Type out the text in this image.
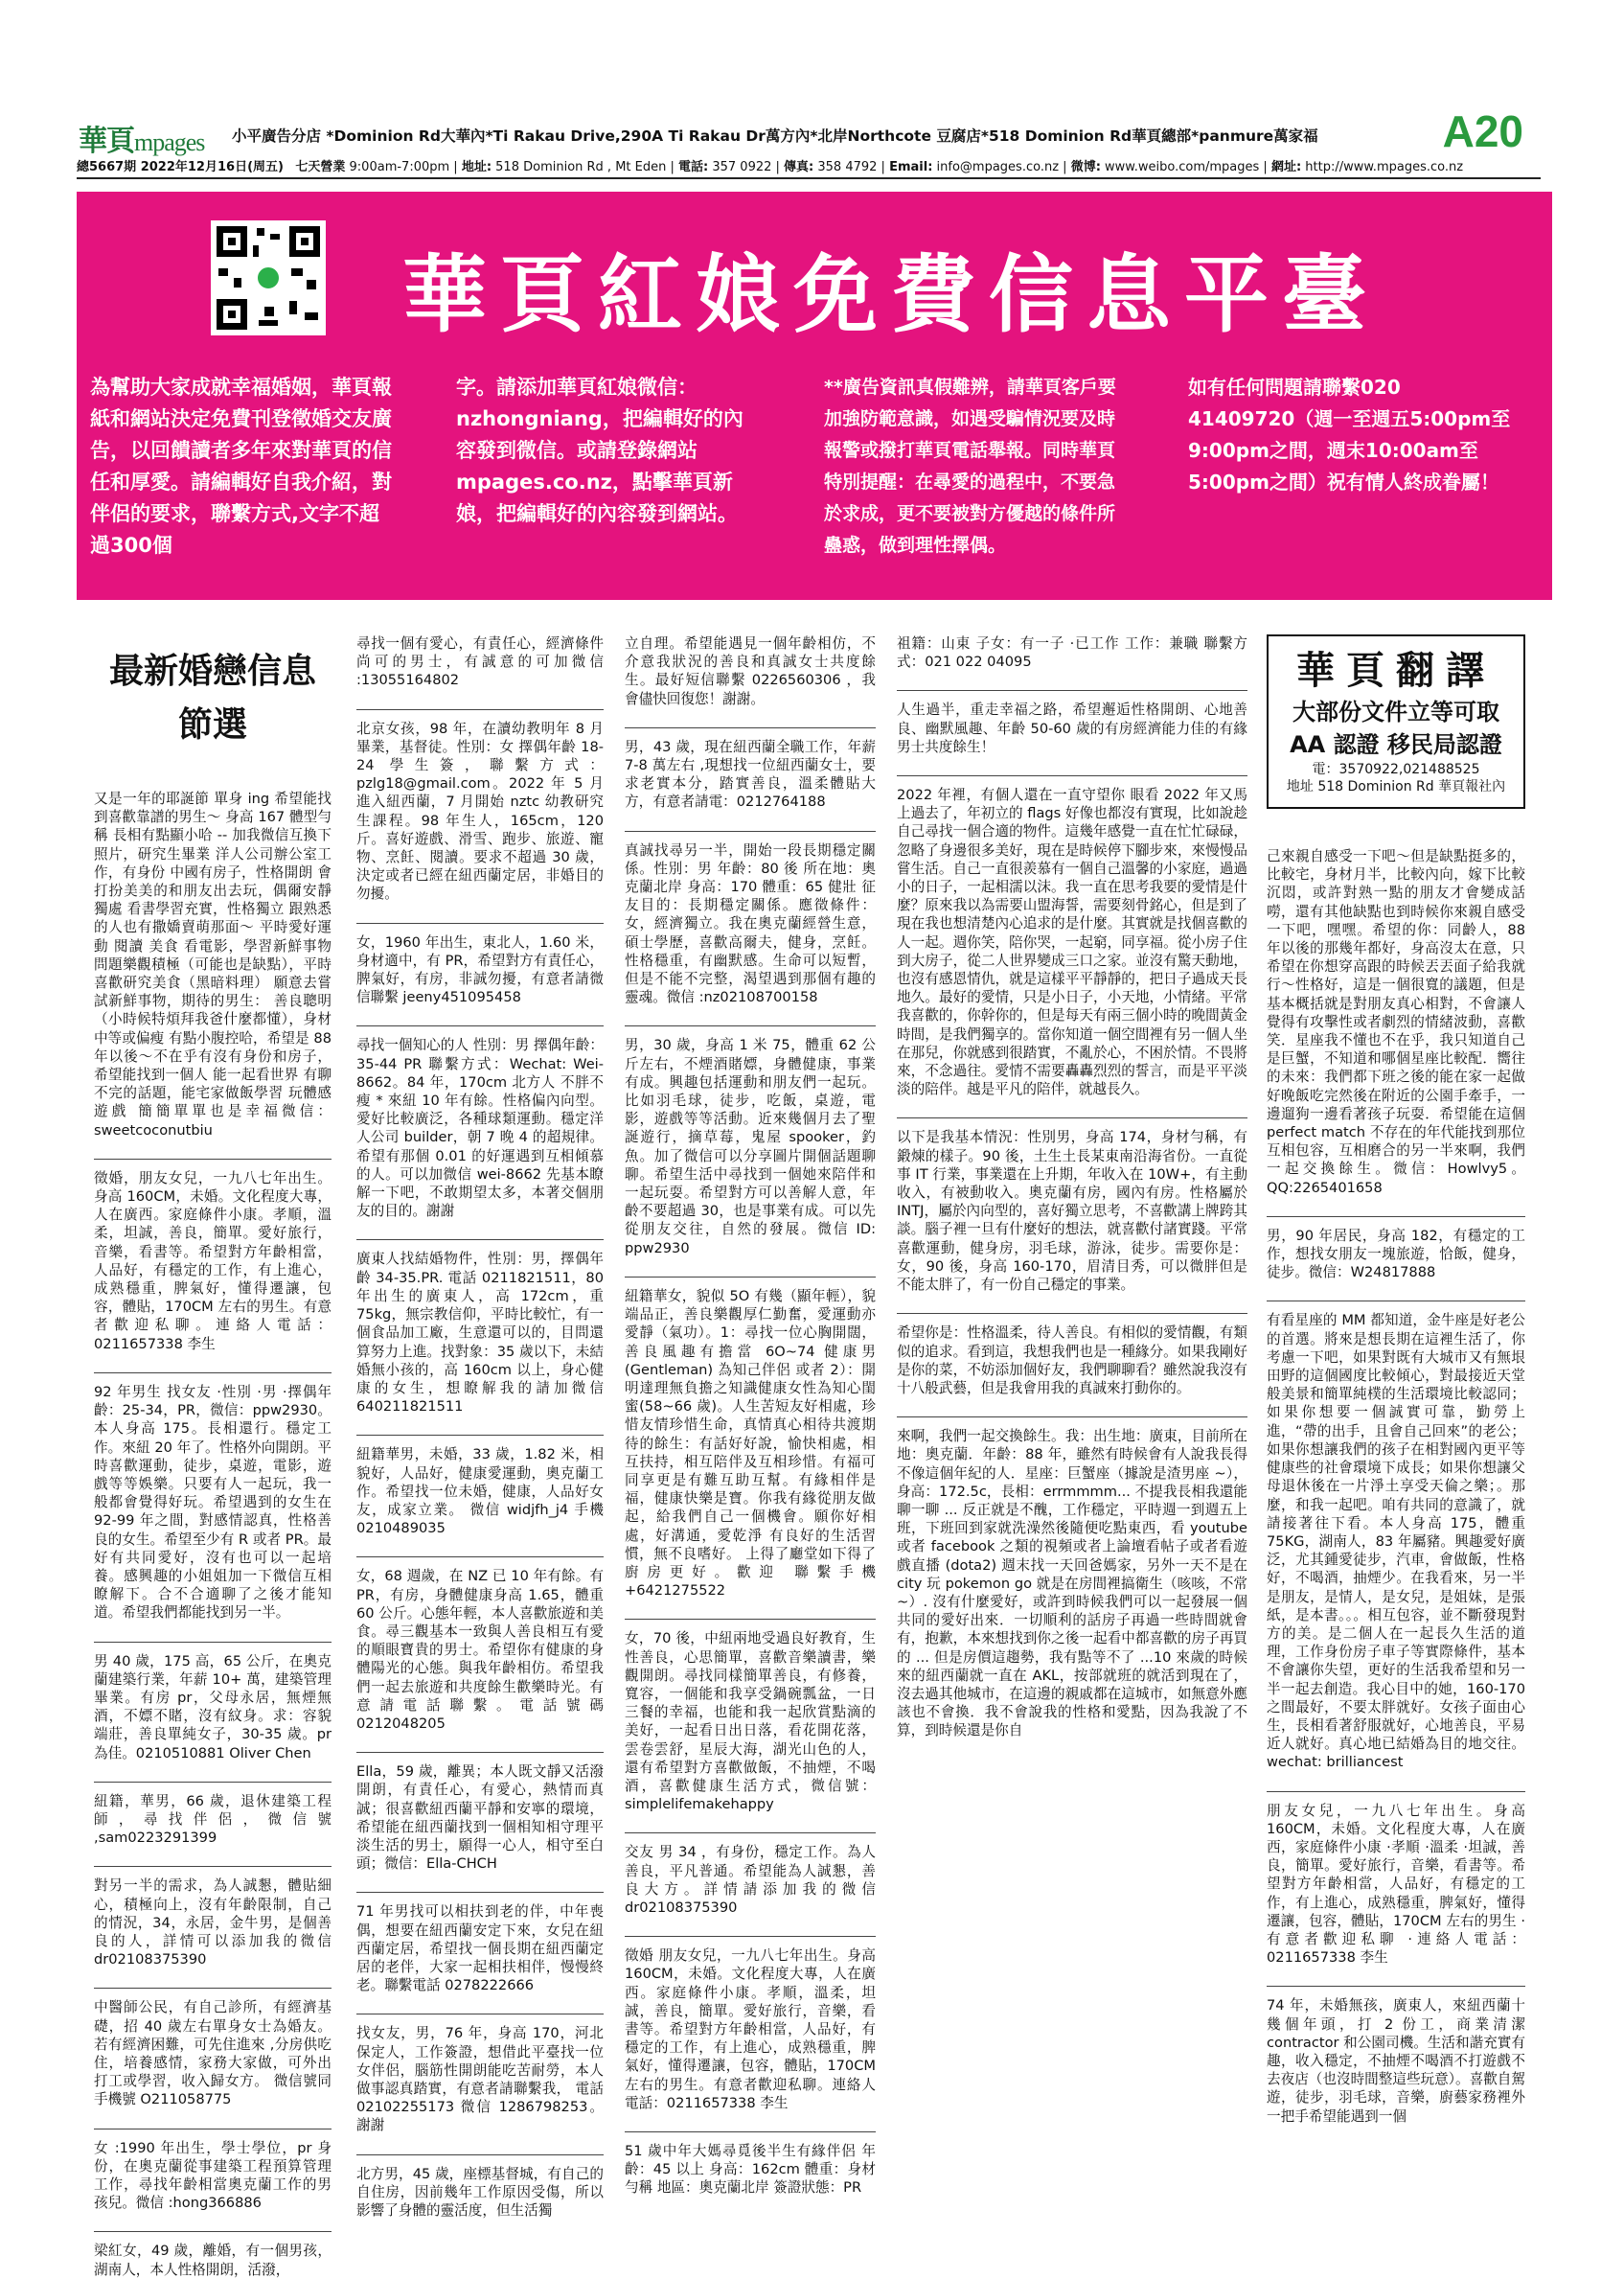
華頁mpages 小平廣告分店 *Dominion Rd大華內*Ti Rakau Drive,290A Ti Rakau Dr萬方內*北岸Northcote 豆腐店*518 Dominion Rd華頁總部*panmure萬家福	A20
總5667期 2022年12月16日(周五) 七天營業 9:00am-7:00pm | 地址: 518 Dominion Rd , Mt Eden | 電話: 357 0922 | 傳真: 358 4792 | Email: info@mpages.co.nz | 微博: www.weibo.com/mpages | 網址: http://www.mpages.co.nz
華頁紅娘免費信息平臺
為幫助大家成就幸福婚姻，華頁報紙和網站決定免費刊登徵婚交友廣告，以回饋讀者多年來對華頁的信任和厚愛。請編輯好自我介紹，對伴侶的要求，聯繫方式,文字不超過300個
字。請添加華頁紅娘微信：nzhongniang，把編輯好的內容發到微信。或請登錄網站mpages.co.nz，點擊華頁新娘，把編輯好的內容發到網站。
**廣告資訊真假難辨，請華頁客戶要加強防範意識，如遇受騙情況要及時報警或撥打華頁電話舉報。同時華頁特別提醒：在尋愛的過程中，不要急於求成，更不要被對方優越的條件所蠱惑，做到理性擇偶。
如有任何問題請聯繫020 41409720（週一至週五5:00pm至9:00pm之間，週末10:00am至5:00pm之間）祝有情人終成眷屬！
最新婚戀信息節選

又是一年的耶誕節 單身 ing 希望能找到喜歡靠譜的男生～ 身高 167 體型勻稱 長相有點顯小哈 -- 加我微信互換下照片，研究生畢業 洋人公司辦公室工作，有身份 中國有房子，性格開朗 會打扮美美的和朋友出去玩，偶爾安靜獨處 看書學習充實，性格獨立 跟熟悉的人也有撒嬌賣萌那面～ 平時愛好運動 閱讀 美食 看電影，學習新鮮事物 問題樂觀積極（可能也是缺點），平時喜歡研究美食（黑暗料理） 願意去嘗試新鮮事物，期待的男生： 善良聰明（小時候特煩拜我爸什麼都懂），身材中等或偏瘦 有點小腹控哈，希望是 88 年以後～不在乎有沒有身份和房子，希望能找到一個人 能一起看世界 有聊不完的話題，能宅家做飯學習 玩體感遊戲 簡簡單單也是幸福微信：sweetcoconutbiu

徵婚，朋友女兒，一九八七年出生。身高 160CM，未婚。文化程度大專，人在廣西。家庭條件小康。孝順，溫柔，坦誠，善良，簡單。愛好旅行，音樂，看書等。希望對方年齡相當，人品好，有穩定的工作，有上進心，成熟穩重，脾氣好，懂得遷讓，包容，體貼，170CM 左右的男生。有意者歡迎私聊。連絡人電話：0211657338 李生

92 年男生 找女友 ·性別 ·男 ·擇偶年齡：25-34，PR，微信：ppw2930。本人身高 175。長相還行。穩定工作。來紐 20 年了。性格外向開朗。平時喜歡運動，徒步，桌遊，電影，遊戲等等娛樂。只要有人一起玩，我一般都會覺得好玩。希望遇到的女生在 92-99 年之間，對感情認真，性格善良的女生。希望至少有 R 或者 PR。最好有共同愛好，沒有也可以一起培養。感興趣的小姐姐加一下微信互相瞭解下。合不合適聊了之後才能知道。希望我們都能找到另一半。

男 40 歲，175 高，65 公斤，在奧克蘭建築行業，年薪 10+ 萬，建築管理畢業。有房 pr，父母永居，無煙無酒，不嫖不賭，沒有紋身。求：容貌端莊，善良單純女子，30-35 歲。pr 為佳。0210510881 Oliver Chen

紐籍，華男，66 歲，退休建築工程師，尋找伴侶，微信號 ,sam0223291399

對另一半的需求，為人誠懇，體貼細心，積極向上，沒有年齡限制，自己的情況，34，永居，金牛男，是個善良的人，詳情可以添加我的微信 dr02108375390

中醫師公民，有自己診所，有經濟基礎，招 40 歲左右單身女士為婚友。 若有經濟困難，可先住進來 ,分房供吃住，培養感情，家務大家做，可外出打工或學習，收入歸女方。 微信號同手機號 O211058775

女 :1990 年出生，學士學位，pr 身份，在奧克蘭從事建築工程預算管理工作，尋找年齡相當奧克蘭工作的男孩兒。微信 :hong366886

梁紅女，49 歲，離婚，有一個男孩，湖南人，本人性格開朗，活潑，

尋找一個有愛心，有責任心，經濟條件尚可的男士，有誠意的可加微信 :13055164802

北京女孩，98 年，在讀幼教明年 8 月畢業，基督徒。性別：女 擇偶年齡 18-24 學生簽，聯繫方式：pzlg18@gmail.com。2022 年 5 月進入紐西蘭，7 月開始 nztc 幼教研究生課程。98 年生人，165cm，120 斤。喜好遊戲、滑雪、跑步、旅遊、寵物、烹飪、閱讀。要求不超過 30 歲，決定或者已經在紐西蘭定居，非婚目的勿擾。

女，1960 年出生，東北人，1.60 米，身材適中，有 PR，希望對方有責任心，脾氣好，有房，非誠勿擾，有意者請微信聯繫 jeeny451095458

尋找一個知心的人 性別：男 擇偶年齡：35-44 PR 聯繫方式：Wechat: Wei-8662。84 年，170cm 北方人 不胖不瘦 * 來紐 10 年有餘。性格偏內向型。愛好比較廣泛，各種球類運動。穩定洋人公司 builder，朝 7 晚 4 的超規律。希望有那個 0.01 的好運遇到互相傾慕的人。可以加微信 wei-8662 先基本瞭解一下吧，不敢期望太多，本著交個朋友的目的。謝謝

廣東人找結婚物件，性別：男，擇偶年齡 34-35.PR. 電話 0211821511，80 年出生的廣東人，高 172cm，重 75kg，無宗教信仰，平時比較忙，有一個食品加工廠，生意還可以的，目問還算努力上進。找對象：35 歲以下，未結婚無小孩的，高 160cm 以上，身心健康的女生，想瞭解我的請加微信 640211821511

紐籍華男，未婚，33 歲，1.82 米，相貌好，人品好，健康愛運動，奧克蘭工作。希望找一位未婚，健康，人品好女友，成家立業。 微信 widjfh_j4 手機 0210489035

女，68 週歲，在 NZ 已 10 年有餘。有 PR，有房，身體健康身高 1.65，體重 60 公斤。心態年輕，本人喜歡旅遊和美食。尋三觀基本一致與人善良相互有愛的順眼寶貴的男士。希望你有健康的身體陽光的心態。與我年齡相仿。希望我們一起去旅遊和共度餘生歡樂時光。有意請電話聯繫。電話號碼 0212048205

Ella，59 歲，離異；本人既文靜又活潑開朗，有責任心，有愛心，熱情而真誠；很喜歡紐西蘭平靜和安寧的環境，希望能在紐西蘭找到一個相知相守理平淡生活的男士，願得一心人，相守至白頭；微信：Ella-CHCH

71 年男找可以相扶到老的伴，中年喪偶，想要在紐西蘭安定下來，女兒在紐西蘭定居，希望找一個長期在紐西蘭定居的老伴，大家一起相扶相伴，慢慢終老。聯繫電話 0278222666

找女友，男，76 年，身高 170，河北保定人，工作簽證，想借此平臺找一位女伴侶，腦筋性開朗能吃苦耐勞，本人做事認真踏實，有意者請聯繫我， 電話 02102255173 微信 1286798253。謝謝

北方男，45 歲，座標基督城，有自己的自住房，因前幾年工作原因受傷，所以影響了身體的靈活度，但生活獨

立自理。希望能遇見一個年齡相仿，不介意我狀況的善良和真誠女士共度餘生。最好短信聯繫 0226560306 ，我會儘快回復您！謝謝。

男，43 歲，現在紐西蘭全職工作，年薪 7-8 萬左右 ,現想找一位紐西蘭女士，要求老實本分，踏實善良，溫柔體貼大方，有意者請電：0212764188

真誠找尋另一半，開始一段長期穩定關係。性別：男 年齡：80 後 所在地：奧克蘭北岸 身高：170 體重：65 健壯 征友目的：長期穩定關係。應徵條件：女，經濟獨立。我在奧克蘭經營生意，碩士學歷，喜歡高爾夫，健身，烹飪。性格穩重，有幽默感。生命可以短暫，但是不能不完整，渴望遇到那個有趣的靈魂。微信 :nz02108700158

男，30 歲，身高 1 米 75，體重 62 公斤左右，不煙酒賭嫖，身體健康，事業有成。興趣包括運動和朋友們一起玩。比如羽毛球，徒步，吃飯，桌遊，電影，遊戲等等活動。近來幾個月去了聖誕遊行，摘草莓，鬼屋 spooker，釣魚。加了微信可以分享圖片開個話題聊聊。希望生活中尋找到一個她來陪伴和一起玩耍。希望對方可以善解人意，年齡不要超過 30，也是事業有成。可以先從朋友交往，自然的發展。微信 ID: ppw2930

紐籍華女，貌似 5O 有幾（顯年輕），貌端品正，善良樂觀厚仁勤奮，愛運動亦愛靜（氣功）。1：尋找一位心胸開闊，善良風趣有擔當 6O~74 健康男(Gentleman) 為知己伴侶 或者 2）：開明達理無負擔之知識健康女性為知心閨蜜(58~66 歲)。人生苦短友好相處，珍惜友情珍惜生命，真情真心相待共渡期待的餘生：有話好好說，愉快相處，相互扶持，相互陪伴及互相珍惜。有福可同享更是有難互助互幫。有緣相伴是福，健康快樂是寶。你我有緣從朋友做起，給我們自己一個機會。願你好相處，好溝通，愛乾淨 有良好的生活習慣，無不良嗜好。 上得了廳堂如下得了廚房更好。歡迎 聯繫手機 +6421275522

女，70 後，中紐兩地受過良好教育，生性善良，心思簡單，喜歡音樂讀書，樂觀開朗。尋找同樣簡單善良，有修養，寬容，一個能和我享受鍋碗瓢盆，一日三餐的幸福，也能和我一起欣賞點滴的美好，一起看日出日落，看花開花落，雲卷雲舒，星辰大海，湖光山色的人，還有希望對方喜歡做飯，不抽煙，不喝酒，喜歡健康生活方式，微信號：simplelifemakehappy

交友 男 34 ，有身份，穩定工作。為人善良，平凡普通。希望能為人誠懇，善良大方。詳情請添加我的微信 dr02108375390

徵婚 朋友女兒，一九八七年出生。身高 160CM，未婚。文化程度大專，人在廣西。家庭條件小康。孝順，溫柔，坦誠，善良，簡單。愛好旅行，音樂，看書等。希望對方年齡相當，人品好，有穩定的工作，有上進心，成熟穩重，脾氣好，懂得遷讓，包容，體貼，170CM 左右的男生。有意者歡迎私聊。連絡人電話：0211657338 李生

51 歲中年大媽尋覓後半生有緣伴侶 年齡：45 以上 身高：162cm 體重：身材勻稱 地區：奧克蘭北岸 簽證狀態：PR

祖籍：山東 子女：有一子 ·已工作 工作：兼職 聯繫方式：021 022 04095

人生過半，重走幸福之路，希望邂逅性格開朗、心地善良、幽默風趣、年齡 50-60 歲的有房經濟能力佳的有緣男士共度餘生！

2022 年裡，有個人還在一直守望你 眼看 2022 年又馬上過去了，年初立的 flags 好像也都沒有實現，比如說趁自己尋找一個合適的物件。這幾年感覺一直在忙忙碌碌，忽略了身邊很多美好，現在是時候停下腳步來，來慢慢品嘗生活。自己一直很羨慕有一個自己溫馨的小家庭，過過小的日子，一起相濡以沫。我一直在思考我要的愛情是什麼？原來我以為需要山盟海誓，需要刻骨銘心，但是到了現在我也想清楚內心追求的是什麼。其實就是找個喜歡的人一起。週你笑，陪你哭，一起窮，同享福。從小房子住到大房子，從二人世界變成三口之家。並沒有驚天動地，也沒有感恩情仇，就是這樣平平靜靜的，把日子過成天長地久。最好的愛情，只是小日子，小天地，小情緒。平常我喜歡的，你幹你的，但是每天有兩三個小時的晚間黃金時間，是我們獨享的。當你知道一個空間裡有另一個人坐在那兒，你就感到很踏實，不亂於心，不困於情。不畏將來，不念過往。愛情不需要轟轟烈烈的誓言，而是平平淡淡的陪伴。越是平凡的陪伴，就越長久。

以下是我基本情況：性別男，身高 174，身材勻稱，有鍛煉的樣子。90 後，土生土長某東南沿海省份。一直從事 IT 行業，事業還在上升期，年收入在 10W+，有主動收入，有被動收入。奧克蘭有房，國內有房。性格屬於 INTJ，屬於內向型的，喜好獨立思考，不喜歡講上牌跨其談。腦子裡一旦有什麼好的想法，就喜歡付諸實踐。平常喜歡運動，健身房，羽毛球，游泳，徒步。需要你是：女，90 後，身高 160-170，眉清目秀，可以微胖但是不能太胖了，有一份自己穩定的事業。

希望你是：性格溫柔，待人善良。有相似的愛情觀，有類似的追求。看到這，我想我們也是一種緣分。如果我剛好是你的菜，不妨添加個好友，我們聊聊看？雖然說我沒有十八般武藝，但是我會用我的真誠來打動你的。

來啊，我們一起交換餘生。我：出生地：廣東，目前所在地：奧克蘭．年齡：88 年，雖然有時候會有人說我長得不像這個年紀的人．星座：巨蟹座（據說是渣男座 ~），身高：172.5c，長相：errmmmm... 不提我長相我還能聊一聊 ... 反正就是不醜，工作穩定，平時週一到週五上班，下班回到家就洗澡然後隨便吃點東西，看 youtube 或者 facebook 之類的視頻或者上論壇看帖子或者看遊戲直播 (dota2) 週末找一天回爸媽家，另外一天不是在 city 玩 pokemon go 就是在房間裡搞衛生（咳咳，不常 ~）. 沒有什麼愛好，或許到時候我們可以一起發展一個共同的愛好出來．一切順利的話房子再過一些時間就會有，抱歉，本來想找到你之後一起看中都喜歡的房子再買的 ... 但是房價這趨勢，我有點等不了 ...10 來歲的時候來的紐西蘭就一直在 AKL，按部就班的就活到現在了，沒去過其他城市，在這邊的親戚都在這城市，如無意外應該也不會換．我不會說我的性格和愛點，因為我說了不算，到時候還是你自

華頁翻譯
大部份文件立等可取
AA 認證 移民局認證
電：3570922,021488525
地址 518 Dominion Rd 華頁報社內

己來親自感受一下吧～但是缺點挺多的，比較宅，身材月半，比較內向，嫁下比較沉悶，或許對熟一點的朋友才會變成話嘮，還有其他缺點也到時候你來親自感受一下吧，嘿嘿。希望的你：同齡人，88 年以後的那幾年都好，身高沒太在意，只希望在你想穿高跟的時候丟丟面子給我就行～性格好，這是一個很寬的議題，但是基本概括就是對朋友真心相對，不會讓人覺得有攻擊性或者劇烈的情緒波動，喜歡笑．星座我不懂也不在乎，我只知道自己是巨蟹，不知道和哪個星座比較配．嚮往的未來：我們都下班之後的能在家一起做好晚飯吃完然後在附近的公園手牽手，一邊遛狗一邊看著孩子玩耍．希望能在這個 perfect match 不存在的年代能找到那位互相包容，互相磨合的另一半來啊，我們一起交換餘生。微信：Howlvy5。QQ:2265401658

男，90 年居民，身高 182，有穩定的工作，想找女朋友一塊旅遊，恰飯，健身，徒步。微信：W24817888

有看星座的 MM 都知道，金牛座是好老公的首選。將來是想長期在這裡生活了，你考慮一下吧，如果對既有大城市又有無垠田野的這個國度比較傾心，對最接近天堂般美景和簡單純樸的生活環境比較認同；如果你想要一個誠實可靠，勤勞上進，“帶的出手，且會自己回來”的老公；如果你想讓我們的孩子在相對國內更平等健康些的社會環境下成長；如果你想讓父母退休後在一片淨土享受天倫之樂；。那麼，和我一起吧。咱有共同的意識了，就請接著往下看。本人身高 175，體重 75KG，湖南人，83 年屬豬。興趣愛好廣泛，尤其鍾愛徒步，汽車，會做飯，性格好，不喝酒，抽煙少。在我看來，另一半是朋友，是情人，是女兒，是姐妹，是張紙，是本書。。。相互包容，並不斷發現對方的美。是二個人在一起長久生活的道理，工作身份房子車子等實際條件，基本不會讓你失望，更好的生活我希望和另一半一起去創造。我心目中的她，160-170 之間最好，不要太胖就好。女孩子面由心生，長相看著舒服就好，心地善良，平易近人就好。真心地已結婚為目的地交往。wechat: brilliancest

朋友女兒，一九八七年出生。身高 160CM，未婚。文化程度大專，人在廣西，家庭條件小康 ·孝順 ·溫柔 ·坦誠，善良，簡單。愛好旅行，音樂，看書等。希望對方年齡相當，人品好，有穩定的工作，有上進心，成熟穩重，脾氣好，懂得遷讓，包容，體貼，170CM 左右的男生 ·有意者歡迎私聊 ·連絡人電話：0211657338 李生

74 年，未婚無孩，廣東人，來紐西蘭十幾個年頭，打 2 份工，商業清潔 contractor 和公園司機。生活和諧充實有趣，收入穩定，不抽煙不喝酒不打遊戲不去夜店（也沒時間整這些玩意）。喜歡自駕遊，徒步，羽毛球，音樂，廚藝家務裡外一把手希望能遇到一個
